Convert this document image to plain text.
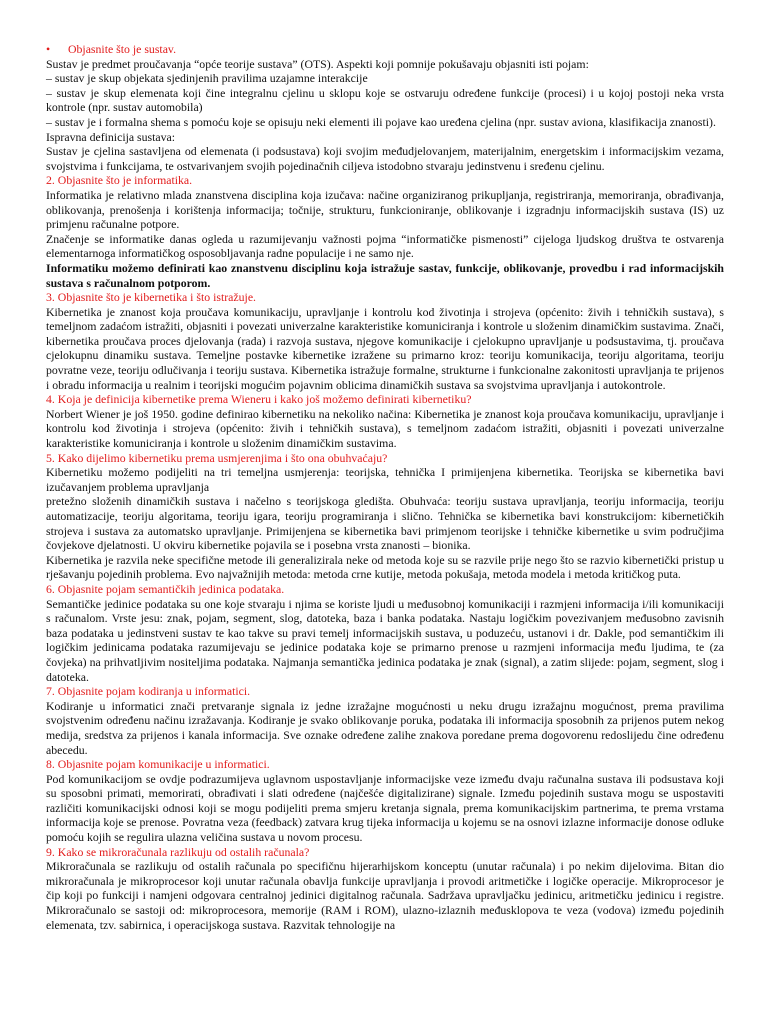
• Objasnite što je sustav.

Sustav je predmet proučavanja “opće teorije sustava” (OTS). Aspekti koji pomnije pokušavaju objasniti isti pojam:

– sustav je skup objekata sjedinjenih pravilima uzajamne interakcije

– sustav je skup elemenata koji čine integralnu cjelinu u sklopu koje se ostvaruju određene funkcije (procesi) i u kojoj postoji neka vrsta kontrole (npr. sustav automobila)

– sustav je i formalna shema s pomoću koje se opisuju neki elementi ili pojave kao uređena cjelina (npr. sustav aviona, klasifikacija znanosti).

Ispravna definicija sustava:

Sustav je cjelina sastavljena od elemenata (i podsustava) koji svojim međudjelovanjem, materijalnim, energetskim i informacijskim vezama, svojstvima i funkcijama, te ostvarivanjem svojih pojedinačnih ciljeva istodobno stvaraju jedinstvenu i sređenu cjelinu.

2. Objasnite što je informatika.

Informatika je relativno mlada znanstvena disciplina koja izučava: načine organiziranog prikupljanja, registriranja, memoriranja, obrađivanja, oblikovanja, prenošenja i korištenja informacija; točnije, strukturu, funkcioniranje, oblikovanje i izgradnju informacijskih sustava (IS) uz primjenu računalne potpore.

Značenje se informatike danas ogleda u razumijevanju važnosti pojma “informatičke pismenosti” cijeloga ljudskog društva te ostvarenja elementarnoga informatičkog osposobljavanja radne populacije i ne samo nje.

Informatiku možemo definirati kao znanstvenu disciplinu koja istražuje sastav, funkcije, oblikovanje, provedbu i rad informacijskih sustava s računalnom potporom.

3. Objasnite što je kibernetika i što istražuje.

Kibernetika je znanost koja proučava komunikaciju, upravljanje i kontrolu kod životinja i strojeva (općenito: živih i tehničkih sustava), s temeljnom zadaćom istražiti, objasniti i povezati univerzalne karakteristike komuniciranja i kontrole u složenim dinamičkim sustavima. Znači, kibernetika proučava proces djelovanja (rada) i razvoja sustava, njegove komunikacije i cjelokupno upravljanje u podsustavima, tj. proučava cjelokupnu dinamiku sustava. Temeljne postavke kibernetike izražene su primarno kroz: teoriju komunikacija, teoriju algoritama, teoriju povratne veze, teoriju odlučivanja i teoriju sustava. Kibernetika istražuje formalne, strukturne i funkcionalne zakonitosti upravljanja te prijenos i obradu informacija u realnim i teorijski mogućim pojavnim oblicima dinamičkih sustava sa svojstvima upravljanja i autokontrole.

4. Koja je definicija kibernetike prema Wieneru i kako još možemo definirati kibernetiku?

Norbert Wiener je još 1950. godine definirao kibernetiku na nekoliko načina: Kibernetika je znanost koja proučava komunikaciju, upravljanje i kontrolu kod životinja i strojeva (općenito: živih i tehničkih sustava), s temeljnom zadaćom istražiti, objasniti i povezati univerzalne karakteristike komuniciranja i kontrole u složenim dinamičkim sustavima.

5. Kako dijelimo kibernetiku prema usmjerenjima i što ona obuhvaćaju?

Kibernetiku možemo podijeliti na tri temeljna usmjerenja: teorijska, tehnička I primijenjena kibernetika. Teorijska se kibernetika bavi izučavanjem problema upravljanja

pretežno složenih dinamičkih sustava i načelno s teorijskoga gledišta. Obuhvaća: teoriju sustava upravljanja, teoriju informacija, teoriju automatizacije, teoriju algoritama, teoriju igara, teoriju programiranja i slično. Tehnička se kibernetika bavi konstrukcijom: kibernetičkih strojeva i sustava za automatsko upravljanje. Primijenjena se kibernetika bavi primjenom teorijske i tehničke kibernetike u svim područjima čovjekove djelatnosti. U okviru kibernetike pojavila se i posebna vrsta znanosti – bionika.

Kibernetika je razvila neke specifične metode ili generalizirala neke od metoda koje su se razvile prije nego što se razvio kibernetički pristup u rješavanju pojedinih problema. Evo najvažnijih metoda: metoda crne kutije, metoda pokušaja, metoda modela i metoda kritičkog puta.

6. Objasnite pojam semantičkih jedinica podataka.

Semantičke jedinice podataka su one koje stvaraju i njima se koriste ljudi u međusobnoj komunikaciji i razmjeni informacija i/ili komunikaciji s računalom. Vrste jesu: znak, pojam, segment, slog, datoteka, baza i banka podataka. Nastaju logičkim povezivanjem međusobno zavisnih baza podataka u jedinstveni sustav te kao takve su pravi temelj informacijskih sustava, u poduzeću, ustanovi i dr. Dakle, pod semantičkim ili logičkim jedinicama podataka razumijevaju se jedinice podataka koje se primarno prenose u razmjeni informacija među ljudima, te (za čovjeka) na prihvatljivim nositeljima podataka. Najmanja semantička jedinica podataka je znak (signal), a zatim slijede: pojam, segment, slog i datoteka.

7. Objasnite pojam kodiranja u informatici.

Kodiranje u informatici znači pretvaranje signala iz jedne izražajne mogućnosti u neku drugu izražajnu mogućnost, prema pravilima svojstvenim određenu načinu izražavanja. Kodiranje je svako oblikovanje poruka, podataka ili informacija sposobnih za prijenos putem nekog medija, sredstva za prijenos i kanala informacija. Sve oznake određene zalihe znakova poredane prema dogovorenu redoslijedu čine određenu abecedu.

8. Objasnite pojam komunikacije u informatici.

Pod komunikacijom se ovdje podrazumijeva uglavnom uspostavljanje informacijske veze između dvaju računalna sustava ili podsustava koji su sposobni primati, memorirati, obrađivati i slati određene (najčešće digitalizirane) signale. Između pojedinih sustava mogu se uspostaviti različiti komunikacijski odnosi koji se mogu podijeliti prema smjeru kretanja signala, prema komunikacijskim partnerima, te prema vrstama informacija koje se prenose. Povratna veza (feedback) zatvara krug tijeka informacija u kojemu se na osnovi izlazne informacije donose odluke pomoću kojih se regulira ulazna veličina sustava u novom procesu.

9. Kako se mikroračunala razlikuju od ostalih računala?

Mikroračunala se razlikuju od ostalih računala po specifičnu hijerarhijskom konceptu (unutar računala) i po nekim dijelovima. Bitan dio mikroračunala je mikroprocesor koji unutar računala obavlja funkcije upravljanja i provodi aritmetičke i logičke operacije. Mikroprocesor je čip koji po funkciji i namjeni odgovara centralnoj jedinici digitalnog računala. Sadržava upravljačku jedinicu, aritmetičku jedinicu i registre. Mikroračunalo se sastoji od: mikroprocesora, memorije (RAM i ROM), ulazno-izlaznih međusklopova te veza (vodova) između pojedinih elemenata, tzv. sabirnica, i operacijskoga sustava. Razvitak tehnologije na
